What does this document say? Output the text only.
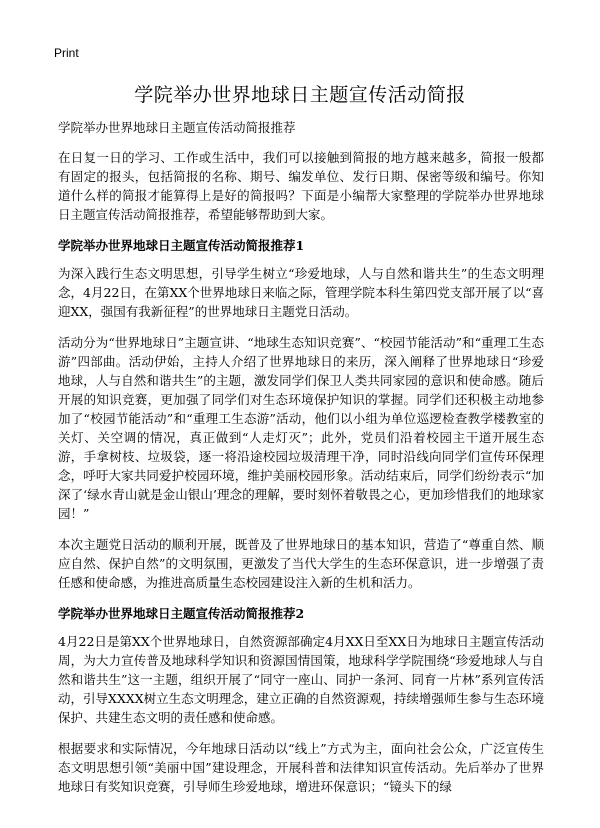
Print
学院举办世界地球日主题宣传活动简报

学院举办世界地球日主题宣传活动简报推荐

在日复一日的学习、工作或生活中，我们可以接触到简报的地方越来越多，简报一般都有固定的报头，包括简报的名称、期号、编发单位、发行日期、保密等级和编号。你知道什么样的简报才能算得上是好的简报吗？下面是小编帮大家整理的学院举办世界地球日主题宣传活动简报推荐，希望能够帮助到大家。

学院举办世界地球日主题宣传活动简报推荐1

为深入践行生态文明思想，引导学生树立“珍爱地球，人与自然和谐共生”的生态文明理念，4月22日，在第XX个世界地球日来临之际，管理学院本科生第四党支部开展了以“喜迎XX，强国有我新征程”的世界地球日主题党日活动。

活动分为“世界地球日”主题宣讲、“地球生态知识竞赛”、“校园节能活动”和“重理工生态游”四部曲。活动伊始，主持人介绍了世界地球日的来历，深入阐释了世界地球日“珍爱地球，人与自然和谐共生”的主题，激发同学们保卫人类共同家园的意识和使命感。随后开展的知识竞赛，更加强了同学们对生态环境保护知识的掌握。同学们还积极主动地参加了“校园节能活动”和“重理工生态游”活动，他们以小组为单位巡逻检查教学楼教室的关灯、关空调的情况，真正做到“人走灯灭”；此外，党员们沿着校园主干道开展生态游，手拿树枝、垃圾袋，逐一将沿途校园垃圾清理干净，同时沿线向同学们宣传环保理念，呼吁大家共同爱护校园环境，维护美丽校园形象。活动结束后，同学们纷纷表示“加深了‘绿水青山就是金山银山’理念的理解，要时刻怀着敬畏之心，更加珍惜我们的地球家园！”

本次主题党日活动的顺利开展，既普及了世界地球日的基本知识，营造了“尊重自然、顺应自然、保护自然”的文明氛围，更激发了当代大学生的生态环保意识，进一步增强了责任感和使命感，为推进高质量生态校园建设注入新的生机和活力。

学院举办世界地球日主题宣传活动简报推荐2

4月22日是第XX个世界地球日，自然资源部确定4月XX日至XX日为地球日主题宣传活动周，为大力宣传普及地球科学知识和资源国情国策，地球科学学院围绕“珍爱地球人与自然和谐共生”这一主题，组织开展了“同守一座山、同护一条河、同育一片林”系列宣传活动，引导XXXX树立生态文明理念，建立正确的自然资源观，持续增强师生参与生态环境保护、共建生态文明的责任感和使命感。

根据要求和实际情况，今年地球日活动以“线上”方式为主，面向社会公众，广泛宣传生态文明思想引领“美丽中国”建设理念，开展科普和法律知识宣传活动。先后举办了世界地球日有奖知识竞赛，引导师生珍爱地球，增进环保意识；“镜头下的绿
